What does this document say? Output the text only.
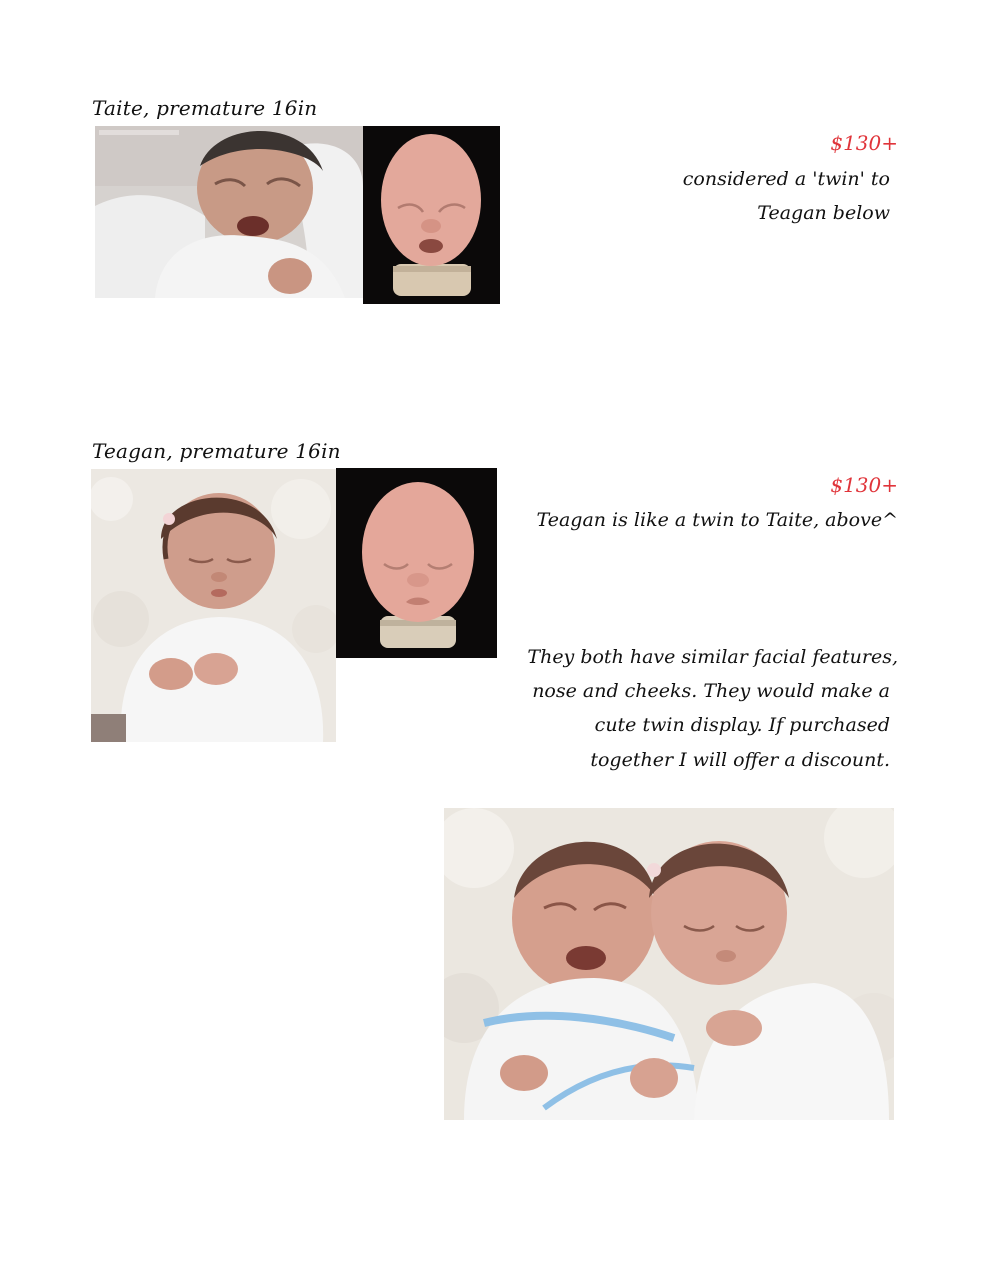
Taite, premature 16in
$130+
considered a 'twin' to
Teagan below
Teagan, premature 16in
$130+
Teagan is like a twin to Taite, above^
They both have similar facial features,
nose and cheeks. They would make a
cute twin display. If purchased
together I will offer a discount.
